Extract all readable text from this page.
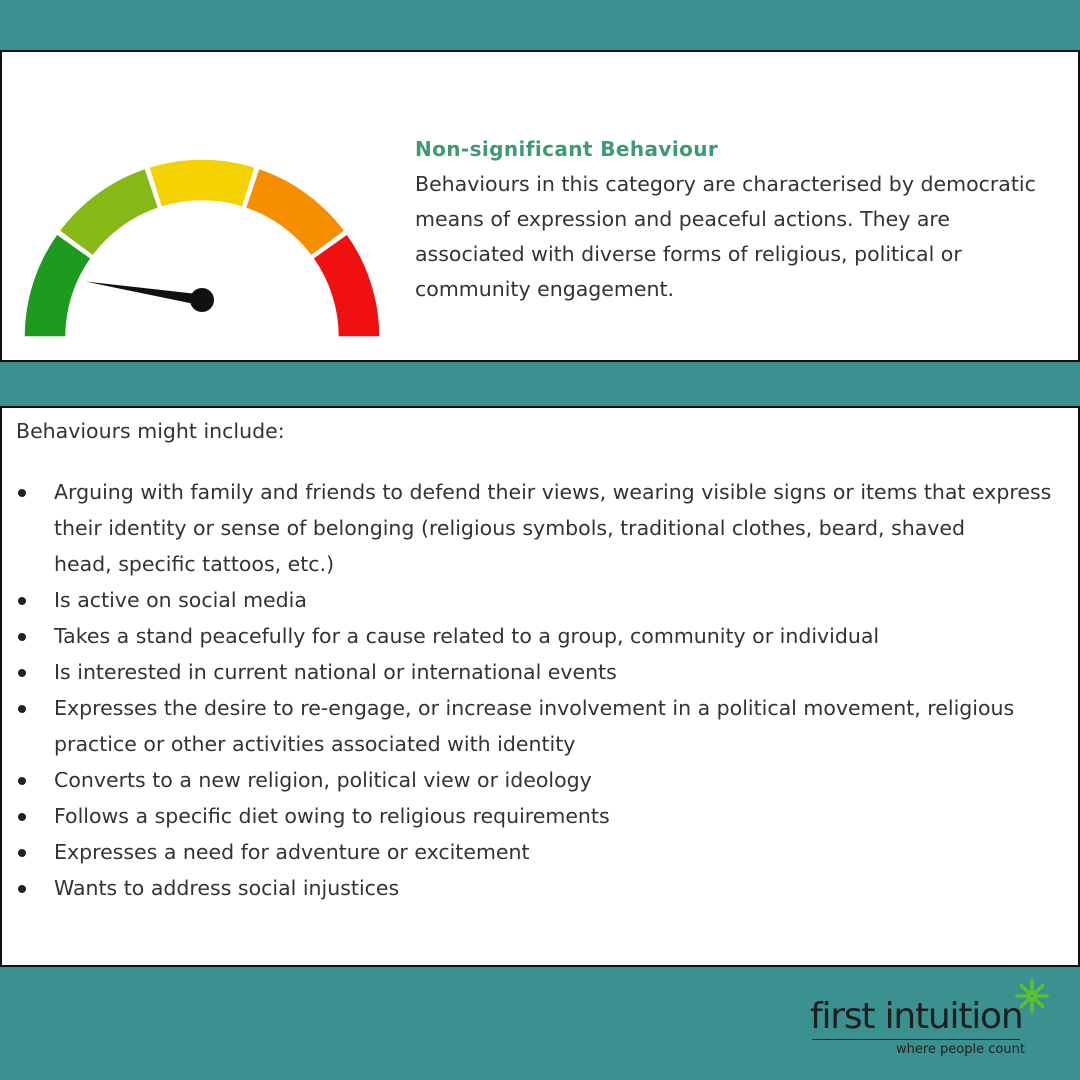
Non-significant Behaviour

Behaviours in this category are characterised by democratic means of expression and peaceful actions. They are associated with diverse forms of religious, political or community engagement.

Behaviours might include:

Arguing with family and friends to defend their views, wearing visible signs or items that express their identity or sense of belonging (religious symbols, traditional clothes, beard, shaved
head, specific tattoos, etc.)
Is active on social media
Takes a stand peacefully for a cause related to a group, community or individual
Is interested in current national or international events
Expresses the desire to re-engage, or increase involvement in a political movement, religious practice or other activities associated with identity
Converts to a new religion, political view or ideology
Follows a specific diet owing to religious requirements
Expresses a need for adventure or excitement
Wants to address social injustices
first intuition
where people count
